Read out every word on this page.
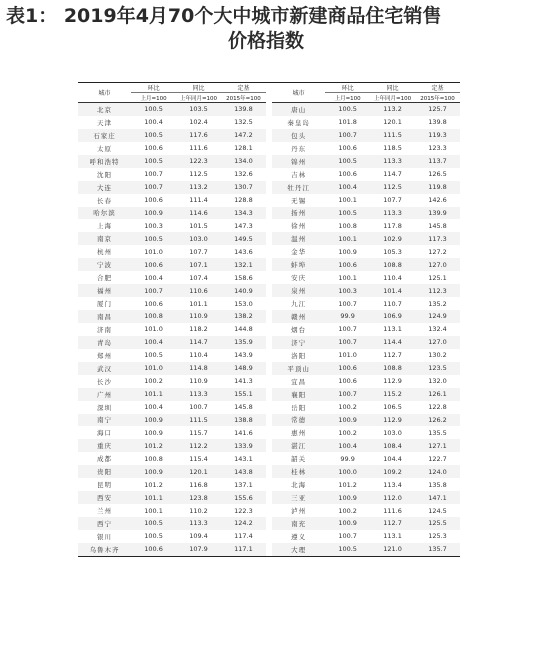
表1： 2019年4月70个大中城市新建商品住宅销售
价格指数
城市	环比	同比	定基		城市	环比	同比	定基
	上月=100	上年同月=100	2015年=100			上月=100	上年同月=100	2015年=100
北京	100.5	103.5	139.8		唐山	100.5	113.2	125.7
天津	100.4	102.4	132.5		秦皇岛	101.8	120.1	139.8
石家庄	100.5	117.6	147.2		包头	100.7	111.5	119.3
太原	100.6	111.6	128.1		丹东	100.6	118.5	123.3
呼和浩特	100.5	122.3	134.0		锦州	100.5	113.3	113.7
沈阳	100.7	112.5	132.6		吉林	100.6	114.7	126.5
大连	100.7	113.2	130.7		牡丹江	100.4	112.5	119.8
长春	100.6	111.4	128.8		无锡	100.1	107.7	142.6
哈尔滨	100.9	114.6	134.3		扬州	100.5	113.3	139.9
上海	100.3	101.5	147.3		徐州	100.8	117.8	145.8
南京	100.5	103.0	149.5		温州	100.1	102.9	117.3
杭州	101.0	107.7	143.6		金华	100.9	105.3	127.2
宁波	100.6	107.1	132.1		蚌埠	100.6	108.8	127.0
合肥	100.4	107.4	158.6		安庆	100.1	110.4	125.1
福州	100.7	110.6	140.9		泉州	100.3	101.4	112.3
厦门	100.6	101.1	153.0		九江	100.7	110.7	135.2
南昌	100.8	110.9	138.2		赣州	99.9	106.9	124.9
济南	101.0	118.2	144.8		烟台	100.7	113.1	132.4
青岛	100.4	114.7	135.9		济宁	100.7	114.4	127.0
郑州	100.5	110.4	143.9		洛阳	101.0	112.7	130.2
武汉	101.0	114.8	148.9		平顶山	100.6	108.8	123.5
长沙	100.2	110.9	141.3		宜昌	100.6	112.9	132.0
广州	101.1	113.3	155.1		襄阳	100.7	115.2	126.1
深圳	100.4	100.7	145.8		岳阳	100.2	106.5	122.8
南宁	100.9	111.5	138.8		常德	100.9	112.9	126.2
海口	100.9	115.7	141.6		惠州	100.2	103.0	135.5
重庆	101.2	112.2	133.9		湛江	100.4	108.4	127.1
成都	100.8	115.4	143.1		韶关	99.9	104.4	122.7
贵阳	100.9	120.1	143.8		桂林	100.0	109.2	124.0
昆明	101.2	116.8	137.1		北海	101.2	113.4	135.8
西安	101.1	123.8	155.6		三亚	100.9	112.0	147.1
兰州	100.1	110.2	122.3		泸州	100.2	111.6	124.5
西宁	100.5	113.3	124.2		南充	100.9	112.7	125.5
银川	100.5	109.4	117.4		遵义	100.7	113.1	125.3
乌鲁木齐	100.6	107.9	117.1		大理	100.5	121.0	135.7
